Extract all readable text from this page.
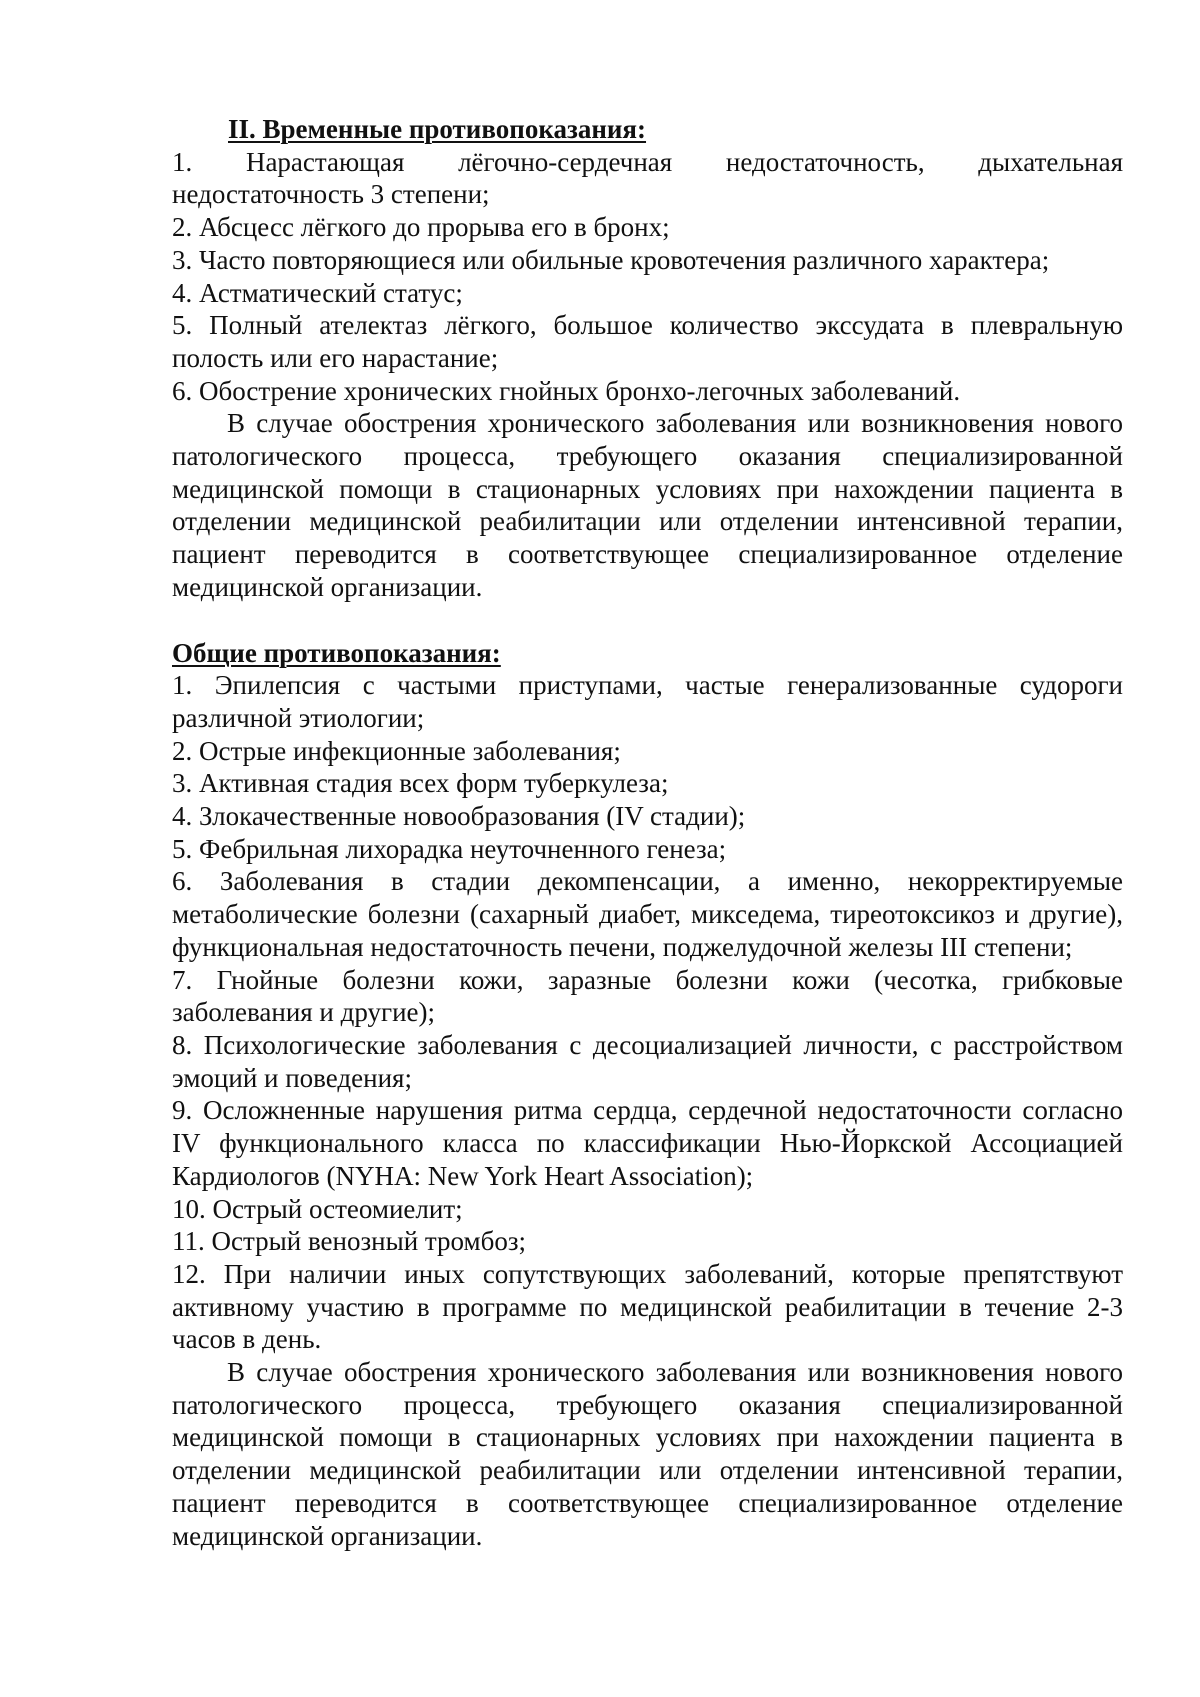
II. Временные противопоказания:
1. Нарастающая лёгочно-сердечная недостаточность, дыхательная недостаточность 3 степени;
2. Абсцесс лёгкого до прорыва его в бронх;
3. Часто повторяющиеся или обильные кровотечения различного характера;
4. Астматический статус;
5. Полный ателектаз лёгкого, большое количество экссудата в плевральную полость или его нарастание;
6. Обострение хронических гнойных бронхо-легочных заболеваний.
В случае обострения хронического заболевания или возникновения нового патологического процесса, требующего оказания специализированной медицинской помощи в стационарных условиях при нахождении пациента в отделении медицинской реабилитации или отделении интенсивной терапии, пациент переводится в соответствующее специализированное отделение медицинской организации.
Общие противопоказания:
1. Эпилепсия с частыми приступами, частые генерализованные судороги различной этиологии;
2. Острые инфекционные заболевания;
3. Активная стадия всех форм туберкулеза;
4. Злокачественные новообразования (IV стадии);
5. Фебрильная лихорадка неуточненного генеза;
6. Заболевания в стадии декомпенсации, а именно, некорректируемые метаболические болезни (сахарный диабет, микседема, тиреотоксикоз и другие), функциональная недостаточность печени, поджелудочной железы III степени;
7. Гнойные болезни кожи, заразные болезни кожи (чесотка, грибковые заболевания и другие);
8. Психологические заболевания с десоциализацией личности, с расстройством эмоций и поведения;
9. Осложненные нарушения ритма сердца, сердечной недостаточности согласно IV функционального класса по классификации Нью-Йоркской Ассоциацией Кардиологов (NYHA: New York Heart Association);
10. Острый остеомиелит;
11. Острый венозный тромбоз;
12. При наличии иных сопутствующих заболеваний, которые препятствуют активному участию в программе по медицинской реабилитации в течение 2-3 часов в день.
В случае обострения хронического заболевания или возникновения нового патологического процесса, требующего оказания специализированной медицинской помощи в стационарных условиях при нахождении пациента в отделении медицинской реабилитации или отделении интенсивной терапии, пациент переводится в соответствующее специализированное отделение медицинской организации.
